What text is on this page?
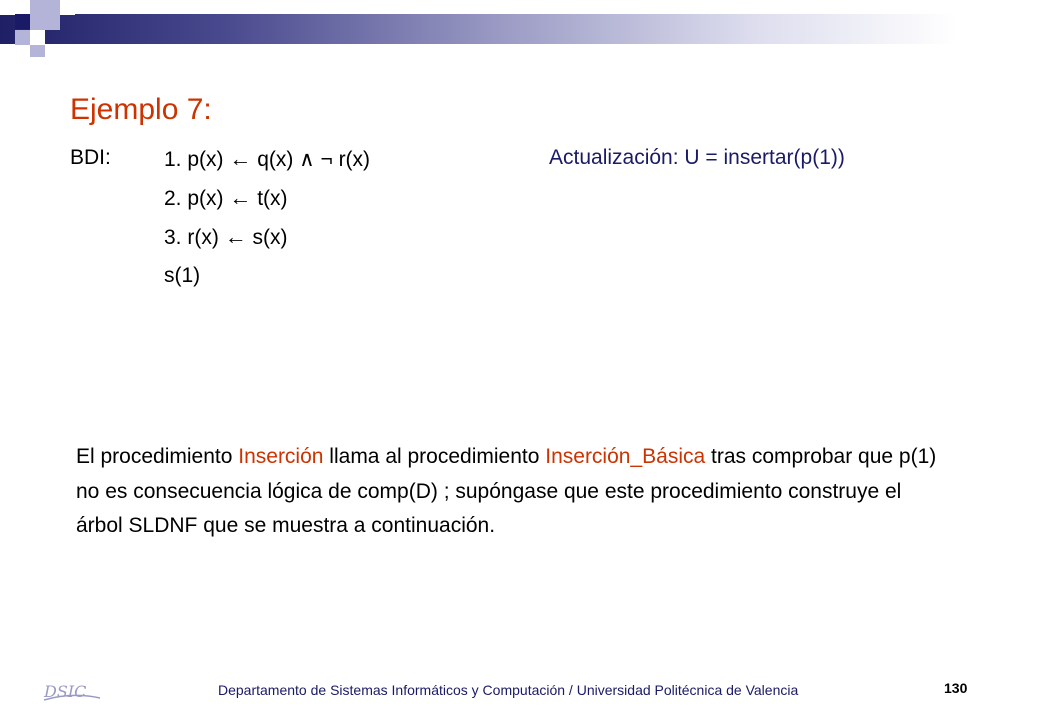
Ejemplo 7:
BDI:	1. p(x) ← q(x) ∧ ¬ r(x)	Actualización: U = insertar(p(1))
2. p(x) ← t(x)
3. r(x) ← s(x)
s(1)
El procedimiento Inserción llama al procedimiento Inserción_Básica tras comprobar que p(1) no es consecuencia lógica de comp(D) ; supóngase que este procedimiento construye el árbol SLDNF que se muestra a continuación.
DSIC	Departamento de Sistemas Informáticos y Computación / Universidad Politécnica de Valencia	130
